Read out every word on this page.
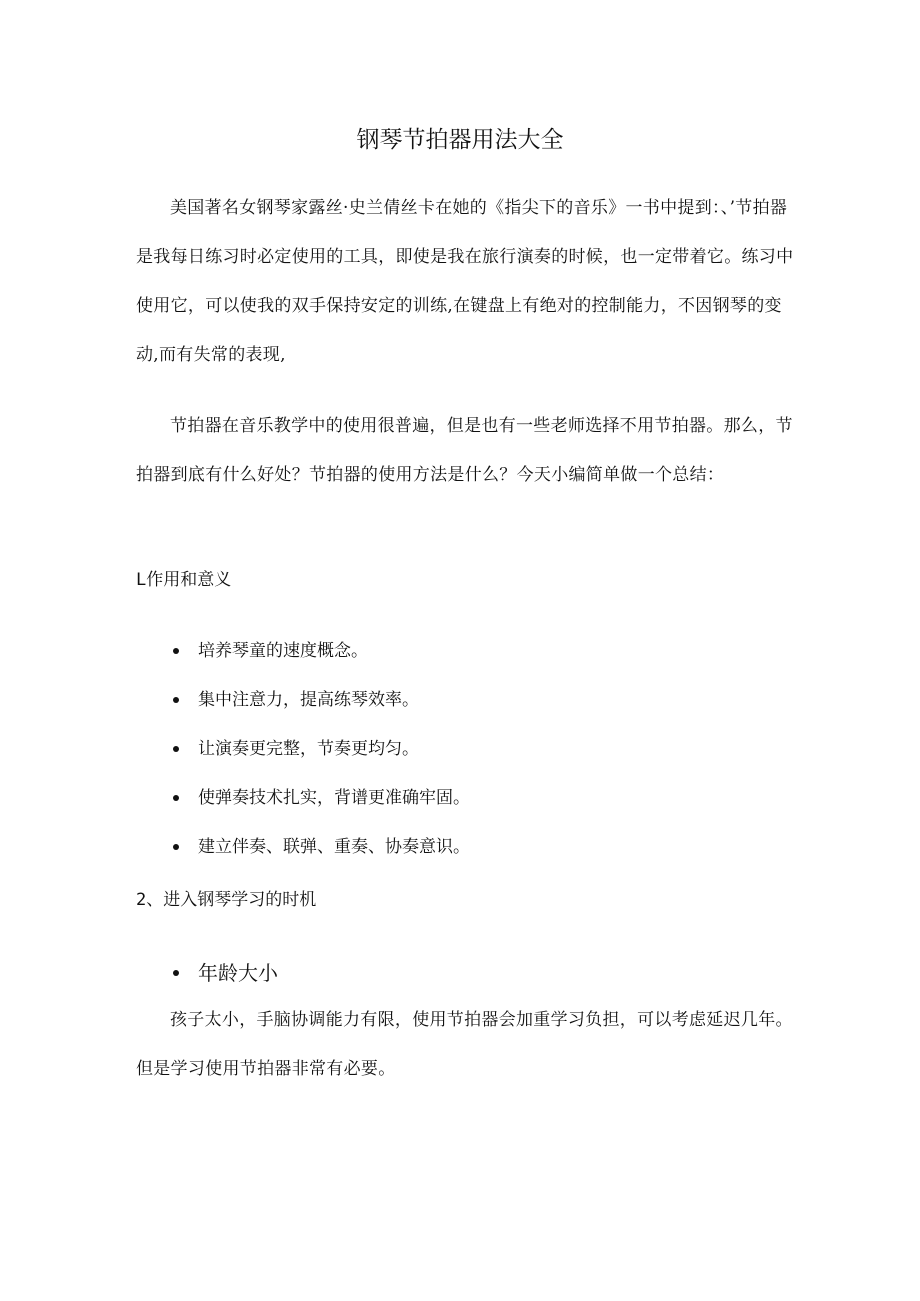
钢琴节拍器用法大全

美国著名女钢琴家露丝·史兰倩丝卡在她的《指尖下的音乐》一书中提到：、’节拍器是我每日练习时必定使用的工具，即使是我在旅行演奏的时候，也一定带着它。练习中使用它，可以使我的双手保持安定的训练,在键盘上有绝对的控制能力，不因钢琴的变动,而有失常的表现,

节拍器在音乐教学中的使用很普遍，但是也有一些老师选择不用节拍器。那么，节拍器到底有什么好处？节拍器的使用方法是什么？今天小编简单做一个总结：

L作用和意义
培养琴童的速度概念。
集中注意力，提高练琴效率。
让演奏更完整，节奏更均匀。
使弹奏技术扎实，背谱更准确牢固。
建立伴奏、联弹、重奏、协奏意识。
2、进入钢琴学习的时机
年龄大小

孩子太小，手脑协调能力有限，使用节拍器会加重学习负担，可以考虑延迟几年。但是学习使用节拍器非常有必要。
